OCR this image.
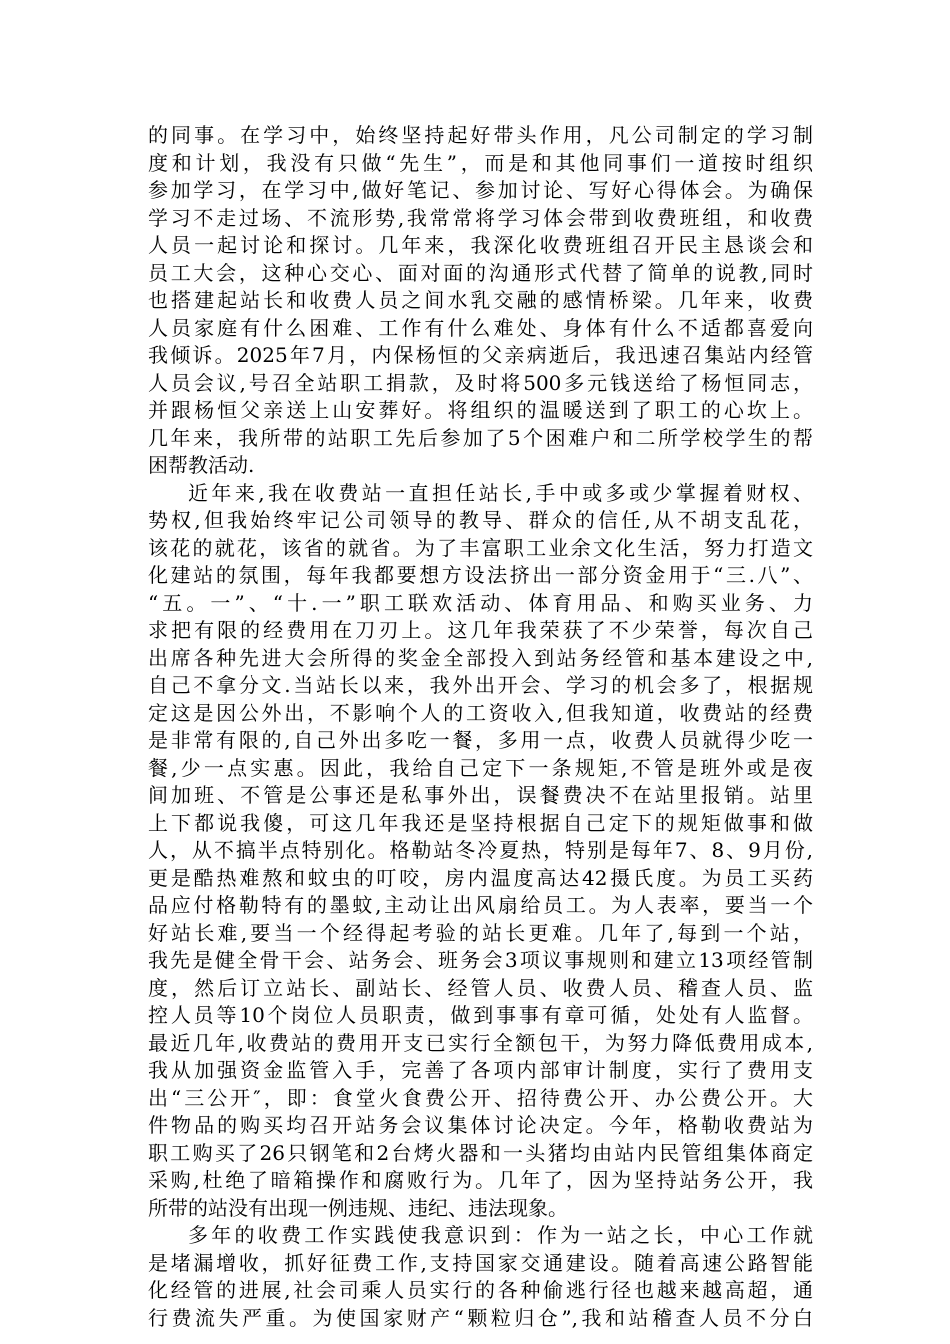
的同事。在学习中，始终坚持起好带头作用，凡公司制定的学习制
度和计划，我没有只做“先生”，而是和其他同事们一道按时组织
参加学习，在学习中,做好笔记、参加讨论、写好心得体会。为确保
学习不走过场、不流形势,我常常将学习体会带到收费班组，和收费
人员一起讨论和探讨。几年来，我深化收费班组召开民主恳谈会和
员工大会，这种心交心、面对面的沟通形式代替了简单的说教,同时
也搭建起站长和收费人员之间水乳交融的感情桥梁。几年来，收费
人员家庭有什么困难、工作有什么难处、身体有什么不适都喜爱向
我倾诉。2025年7月，内保杨恒的父亲病逝后，我迅速召集站内经管
人员会议,号召全站职工捐款，及时将500多元钱送给了杨恒同志，
并跟杨恒父亲送上山安葬好。将组织的温暖送到了职工的心坎上。
几年来，我所带的站职工先后参加了5个困难户和二所学校学生的帮
困帮教活动.
近年来,我在收费站一直担任站长,手中或多或少掌握着财权、
势权,但我始终牢记公司领导的教导、群众的信任,从不胡支乱花，
该花的就花，该省的就省。为了丰富职工业余文化生活，努力打造文
化建站的氛围，每年我都要想方设法挤出一部分资金用于“三.八”、
“五。一”、“十.一”职工联欢活动、体育用品、和购买业务、力
求把有限的经费用在刀刃上。这几年我荣获了不少荣誉，每次自己
出席各种先进大会所得的奖金全部投入到站务经管和基本建设之中,
自己不拿分文.当站长以来，我外出开会、学习的机会多了，根据规
定这是因公外出，不影响个人的工资收入,但我知道，收费站的经费
是非常有限的,自己外出多吃一餐，多用一点，收费人员就得少吃一
餐,少一点实惠。因此，我给自己定下一条规矩,不管是班外或是夜
间加班、不管是公事还是私事外出，误餐费决不在站里报销。站里
上下都说我傻，可这几年我还是坚持根据自己定下的规矩做事和做
人，从不搞半点特别化。格勒站冬冷夏热，特别是每年7、8、9月份,
更是酷热难熬和蚊虫的叮咬，房内温度高达42摄氏度。为员工买药
品应付格勒特有的墨蚊,主动让出风扇给员工。为人表率，要当一个
好站长难,要当一个经得起考验的站长更难。几年了,每到一个站，
我先是健全骨干会、站务会、班务会3项议事规则和建立13项经管制
度，然后订立站长、副站长、经管人员、收费人员、稽查人员、监
控人员等10个岗位人员职责，做到事事有章可循，处处有人监督。
最近几年,收费站的费用开支已实行全额包干，为努力降低费用成本,
我从加强资金监管入手，完善了各项内部审计制度，实行了费用支
出“三公开″，即：食堂火食费公开、招待费公开、办公费公开。大
件物品的购买均召开站务会议集体讨论决定。今年，格勒收费站为
职工购买了26只钢笔和2台烤火器和一头猪均由站内民管组集体商定
采购,杜绝了暗箱操作和腐败行为。几年了，因为坚持站务公开，我
所带的站没有出现一例违规、违纪、违法现象。
多年的收费工作实践使我意识到：作为一站之长，中心工作就
是堵漏增收，抓好征费工作,支持国家交通建设。随着高速公路智能
化经管的进展,社会司乘人员实行的各种偷逃行径也越来越高超，通
行费流失严重。为使国家财产“颗粒归仓”,我和站稽查人员不分白
